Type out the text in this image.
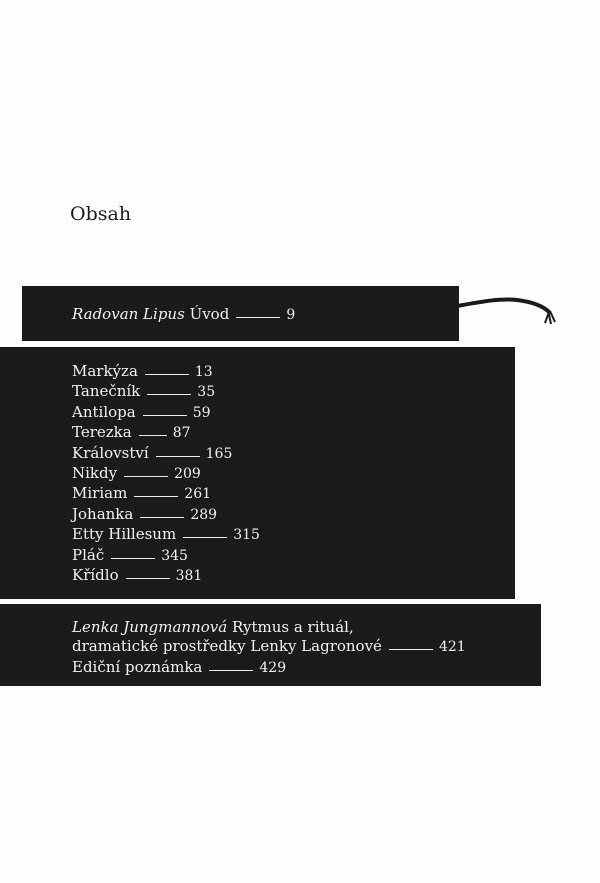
Obsah
Radovan Lipus
Úvod	9
Markýza	13
Tanečník	35
Antilopa	59
Terezka	87
Království	165
Nikdy	209
Miriam	261
Johanka	289
Etty Hillesum	315
Pláč	345
Křídlo	381
Lenka Jungmannová
Rytmus a rituál,
dramatické prostředky Lenky Lagronové	421
Ediční poznámka	429
